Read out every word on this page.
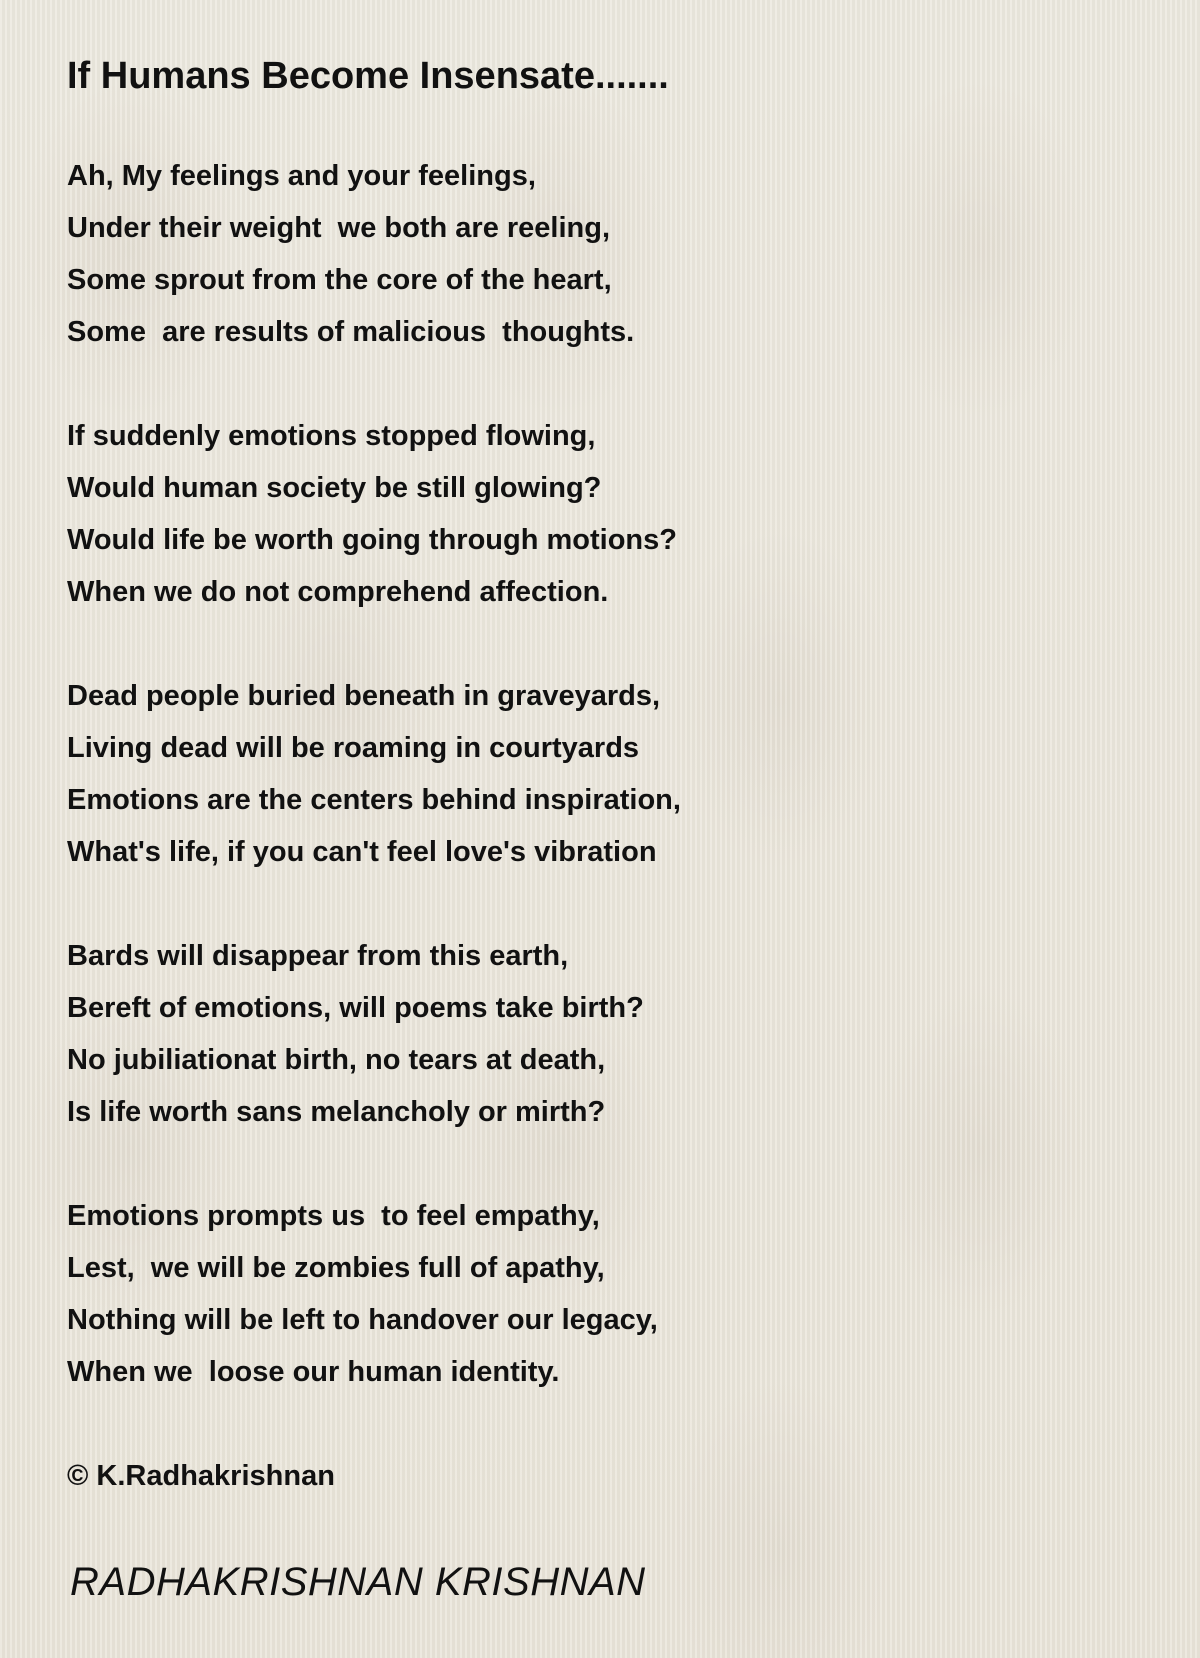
If Humans Become Insensate.......
Ah, My feelings and your feelings,
Under their weight  we both are reeling,
Some sprout from the core of the heart,
Some  are results of malicious  thoughts.
If suddenly emotions stopped flowing,
Would human society be still glowing?
Would life be worth going through motions?
When we do not comprehend affection.
Dead people buried beneath in graveyards,
Living dead will be roaming in courtyards
Emotions are the centers behind inspiration,
What's life, if you can't feel love's vibration
Bards will disappear from this earth,
Bereft of emotions, will poems take birth?
No jubiliationat birth, no tears at death,
Is life worth sans melancholy or mirth?
Emotions prompts us  to feel empathy,
Lest,  we will be zombies full of apathy,
Nothing will be left to handover our legacy,
When we  loose our human identity.
© K.Radhakrishnan
RADHAKRISHNAN KRISHNAN
